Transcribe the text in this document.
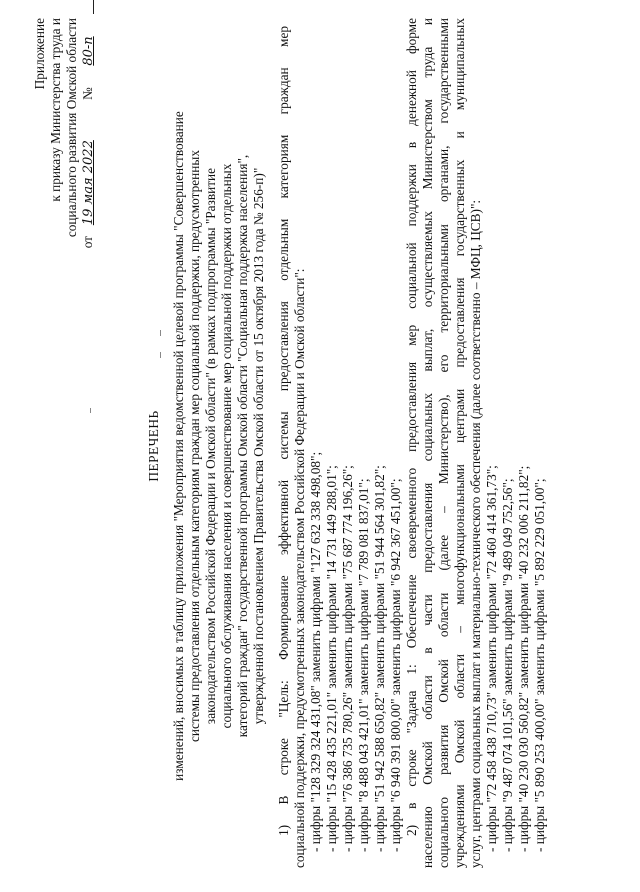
Приложение к приказу Министерства труда и социального развития Омской области
от 19 мая 2022  № 80-п
ПЕРЕЧЕНЬ изменений, вносимых в таблицу приложения "Мероприятия ведомственной целевой программы "Совершенствование системы предоставления отдельным категориям граждан мер социальной поддержки, предусмотренных законодательством Российской Федерации и Омской области" (в рамках подпрограммы "Развитие социального обслуживания населения и совершенствование мер социальной поддержки отдельных категорий граждан" государственной программы Омской области "Социальная поддержка населения", утвержденной постановлением Правительства Омской области от 15 октября 2013 года № 256-п)" 1) В строке "Цель: Формирование эффективной системы предоставления отдельным категориям граждан мер социальной поддержки, предусмотренных законодательством Российской Федерации и Омской области": - цифры "128 329 324 431,08" заменить цифрами "127 632 338 498,08"; - цифры "15 428 435 221,01" заменить цифрами "14 731 449 288,01"; - цифры "76 386 735 780,26" заменить цифрами "75 687 774 196,26"; - цифры "8 488 043 421,01" заменить цифрами "7 789 081 837,01"; - цифры "51 942 588 650,82" заменить цифрами "51 944 564 301,82"; - цифры "6 940 391 800,00" заменить цифрами "6 942 367 451,00"; 2) в строке "Задача 1: Обеспечение своевременного предоставления мер социальной поддержки в денежной форме населению Омской области в части предоставления социальных выплат, осуществляемых Министерством труда и социального развития Омской области (далее – Министерство), его территориальными органами, государственными учреждениями Омской области – многофункциональными центрами предоставления государственных и муниципальных услуг, центрами социальных выплат и материально-технического обеспечения (далее соответственно – МФЦ, ЦСВ)": - цифры "72 458 438 710,73" заменить цифрами "72 460 414 361,73"; - цифры "9 487 074 101,56" заменить цифрами "9 489 049 752,56"; - цифры "40 230 030 560,82" заменить цифрами "40 232 006 211,82"; - цифры "5 890 253 400,00" заменить цифрами "5 892 229 051,00";
